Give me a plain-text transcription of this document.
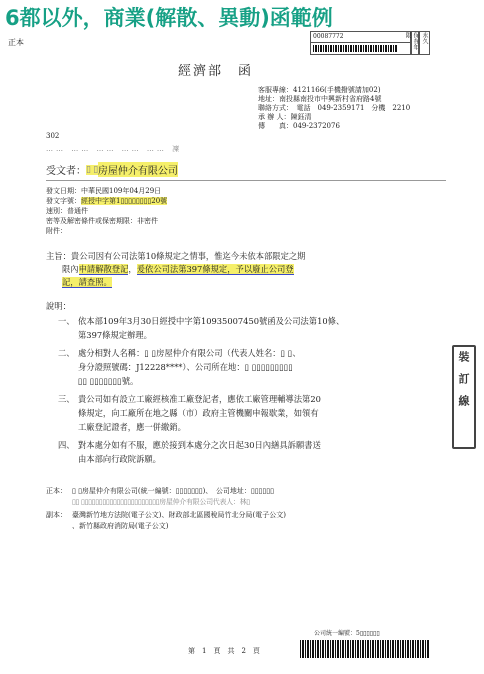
6都以外，商業(解散、異動)函範例
正本
00087772	保存年限	永久
經濟部　函
客服專線：4121166(手機撥號請加02)
地址：南投縣南投市中興新村省府路4號
聯絡方式：　電話　049-2359171　分機　2210
承 辦 人：陳鈺清
傳　　真：049-2372076
302
…… …… …… …… …… 凜
受文者： ▯ ▯ 房屋仲介有限公司
發文日期：中華民國109年04月29日
發文字號：經授中字第1▯▯▯▯▯▯▯▯20號
速別：普通件
密等及解密條件或保密期限：非密件
附件：
主旨： 貴公司因有公司法第10條規定之情事，惟迄今未依本部限定之期
限內申請解散登記，爰依公司法第397條規定，予以廢止公司登
記，請查照。
說明：
一、 依本部109年3月30日經授中字第10935007450號函及公司法第10條、
第397條規定辦理。
二、 處分相對人名稱：▯ ▯房屋仲介有限公司（代表人姓名：▯ ▯、
身分證照號碼：J12228****）、公司所在地：▯ ▯▯▯▯▯▯▯▯▯
▯▯ ▯▯▯▯▯▯▯號。
三、 貴公司如有設立工廠經核准工廠登記者，應依工廠管理輔導法第20
條規定，向工廠所在地之縣（市）政府主管機關申報歇業，如領有
工廠登記證者，應一併繳銷。
四、 對本處分如有不服，應於接到本處分之次日起30日內繕具訴願書送
由本部向行政院訴願。
裝　訂　線
正本： ▯ ▯房屋仲介有限公司(統一編號：▯▯▯▯▯▯▯)、　公司地址：▯▯▯▯▯▯
▯▯ ▯▯▯▯▯▯▯▯▯▯▯▯▯▯▯▯▯▯▯▯▯▯房屋仲介有限公司代表人：林▯
副本： 臺灣新竹地方法院(電子公文)、財政部北區國稅局竹北分局(電子公文)
、新竹縣政府消防局(電子公文)
公司統一編號：5▯▯▯▯▯▯
第　1　頁　共　2　頁
